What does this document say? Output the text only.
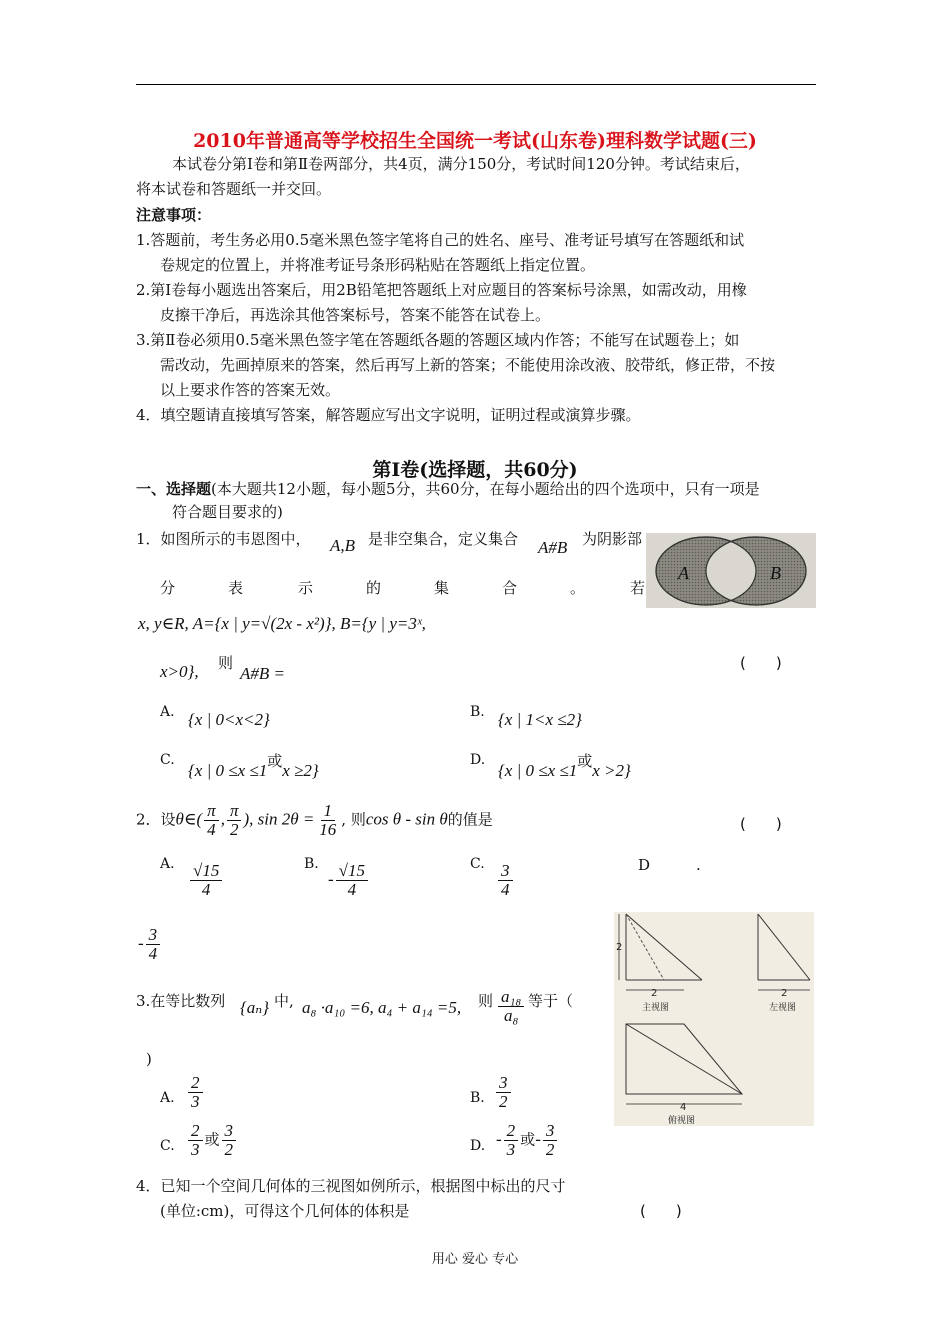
2010年普通高等学校招生全国统一考试(山东卷)理科数学试题(三)
本试卷分第Ⅰ卷和第Ⅱ卷两部分，共4页，满分150分，考试时间120分钟。考试结束后，
将本试卷和答题纸一并交回。
注意事项：
1.答题前，考生务必用0.5毫米黑色签字笔将自己的姓名、座号、准考证号填写在答题纸和试
卷规定的位置上，并将准考证号条形码粘贴在答题纸上指定位置。
2.第Ⅰ卷每小题选出答案后，用2B铅笔把答题纸上对应题目的答案标号涂黑，如需改动，用橡
皮擦干净后，再选涂其他答案标号，答案不能答在试卷上。
3.第Ⅱ卷必须用0.5毫米黑色签字笔在答题纸各题的答题区域内作答；不能写在试题卷上；如
需改动，先画掉原来的答案，然后再写上新的答案；不能使用涂改液、胶带纸，修正带，不按
以上要求作答的答案无效。
4．填空题请直接填写答案，解答题应写出文字说明，证明过程或演算步骤。
第Ⅰ卷(选择题，共60分)
一、选择题(本大题共12小题，每小题5分，共60分，在每小题给出的四个选项中，只有一项是
符合题目要求的)
1．如图所示的韦恩图中， A,B 是非空集合，定义集合 A#B 为阴影部
分	表	示	的	集	合	。	若
A	B
x, y∈R, A={x | y=√(2x - x²)}, B={y | y=3ˣ,
x>0}, 则
A#B =
(　　)
A. {x | 0<x<2}	B. {x | 1<x ≤2}
C.
{x | 0 ≤x ≤1或x ≥2}
D.
{x | 0 ≤x ≤1或x >2}
2．设θ∈( $\frac{\pi}{4}$ , $\frac{\pi}{2}$ ), $\sin 2\theta = \frac{1}{16}$ , 则cos θ - sin θ的值是	(　　)
A. $\frac{√15}{4}$	B.
- $\frac{√15}{4}$	C. $\frac{3}{4}$	D	.
- $\frac{3}{4}$	2
2
主视图
2
左视图
4
俯视图
3.在等比数列 {aₙ} 中, a₈ ·a₁₀ =6, a₄ + a₁₄ =5, 则 $\frac{\text{a₁₈}}{\text{a₈}}$ 等于（
)
A. $\frac{2}{3}$	B. $\frac{3}{2}$
C. $\frac{2}{3}$ 或 $\frac{3}{2}$	D. - $\frac{2}{3}$ 或- $\frac{3}{2}$
4．已知一个空间几何体的三视图如例所示，根据图中标出的尺寸
(单位:cm)，可得这个几何体的体积是	(　　)
用心 爱心 专心
